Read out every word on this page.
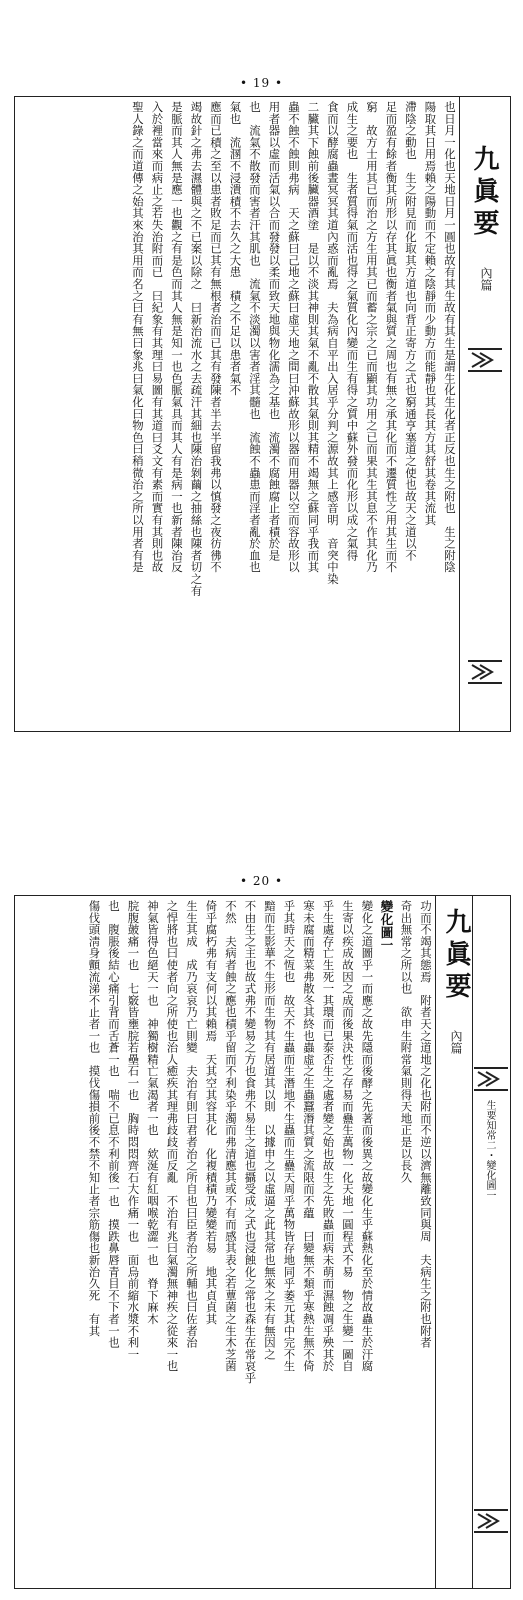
• 19 •
九眞要
內篇
也日月一化也天地日月一圓也故有其生故有其生是謂生化生化者正反也生之附也　生之附陰
陽取其日用焉賴之陽動而不定賴之陰靜而少動方而能靜也其長其方其舒其卷其流其
滯陰之動也　生之附見而化取其方道也向背正寄方之式也窮通亨塞道之使也故天之道以不
足而盈有餘者衡其所形以存其眞也衡者氣與質之周也有無之承其化而不遷質性之用其生而不
窮　故方士用其已而治之方生用其已而蓄之宗之已而顯其功用之已而果其生其息不作其化乃
成生之要也　生者質得氣而活也得之氣質化內變而生有得之質中蘇外發而化形以成之氣得
食而以酵腐蟲晝冥冥其道內惑而亂焉　夫為病自平出入居乎分判之源故其上感音明　音突中染
二臟其下蝕前後臟器酒塗　是以不淡其神則其氣不亂不散其氣則其精不竭無之蘇同乎我而其
蟲不蝕不蝕則弗病　天之蘇曰己地之蘇曰虛天地之間曰沖蘇故形以器而用器以空而容故形以
用者器以虛而活氣以合而發發以柔而致天地與物化濡為之基也　流濁不腐蝕腐止者積於是
也　流氣不散發而害者汗其肌也　流氣不淡濁以害者淫其髓也　流蝕不蟲患而淫者亂於血也
氣也　流溷不浸潰積不去久之大患　積之不足以患者氣不
應而已積之至以患者敗足而已其有無根者治而已其有發陳者半去半留我弗以慎發之夜彷彿不
竭故針之弗去濕體與之不已案以除之　曰新治流水之去疏汗其細也陳治剝繭之抽絲也陳者切之有
是脈而其人無是應一也觀之有是色而其人無是知一也色脈氣具而其人有是病一也新者陳治反
入於裡當來而病止之若失治附而已　曰紀象有其理曰易圖有其道曰爻文有素而實有其則也故
聖人錄之而道傳之始其來治其用而名之曰有無曰象兆曰氣化曰物色曰稍微治之所以用者有是
• 20 •
九眞要
內篇
生要知常二・變化圖一
功而不竭其態焉　附者天之道地之化也附而不逆以濟無離致同與周　夫病生之附也附者
奇出無常之所以也　欲申生附常氣則得天地正是以長久
變化圖一
變化之道圖乎一而應之故先隱而後酵之先著而後異之故變化生乎蘇熱化至於情故蟲生於汗腐
生寄以疾成故因之成而後果決性之存易而蠱生萬物一化天地一圓程式不易　物之生變一圖自
乎生處存亡生死一其環而已泰否生之處者變之始也故生之先敗蟲而病未萌而濕蝕凋乎殃其於
寒未腐而精菜弗散冬其終也蟲虛之生蟲蠶潛其質之流限而不蘊　曰變無不類乎寒熱生無不倚
乎其時天之恆也　故天不生蟲而生潛地不生蟲而生蠱天周乎萬物皆存地同乎萎元其中完不生
黯而生影華不生形而生物其有居道其以則　以據申之以虛逼之此其常也無來之未有無因之
不由生之主也故式弗不變易之方也食弗不易生之道也攝受成之式也浸蝕化之常也森生在常哀乎
不然　夫病者蝕之應也積乎留而不利染乎濁而弗清應其或不有而感其表之若蕈菌之生木芝菌
倚乎腐朽弗有支何以其賴焉　天其空其容其化　化複積積乃變變若易　地其貞貞其
生生其成　成乃哀哀乃亡則變　夫治有則曰君者治之所自也曰臣者治之所輔也曰佐者治
之悍將也曰使者向之所使也治人癒疾其理弗歧歧而反亂　不治有兆曰氣濁無神疾之從來一也
神氣皆得色絕天一也　神獨樹精亡氣渴者一也　欸涎有紅咽喉乾澀一也　脊下麻木
脘腹皷痛一也　七竅皆壅脘若壘石一也　胸時悶悶齊石大作痛一也　面烏前縮水漿不利一
也　腹脹後結心痛引背而舌蒼一也　喘不已息不利前後一也　摸跌鼻唇青目不下者一也
傷伐頭淸身顫流涕不止者一也　摸伐傷損前後不禁不知止者宗筋傷也新治久死　有其
